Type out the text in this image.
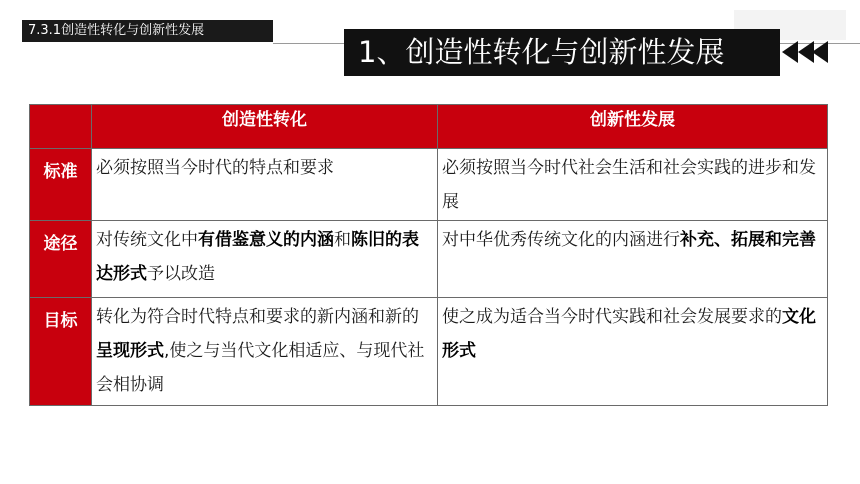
7.3.1创造性转化与创新性发展
1、创造性转化与创新性发展
	创造性转化	创新性发展
标准	必须按照当今时代的特点和要求	必须按照当今时代社会生活和社会实践的进步和发展
途径	对传统文化中有借鉴意义的内涵和陈旧的表达形式予以改造	对中华优秀传统文化的内涵进行补充、拓展和完善
目标	转化为符合时代特点和要求的新内涵和新的呈现形式,使之与当代文化相适应、与现代社会相协调	使之成为适合当今时代实践和社会发展要求的文化形式
